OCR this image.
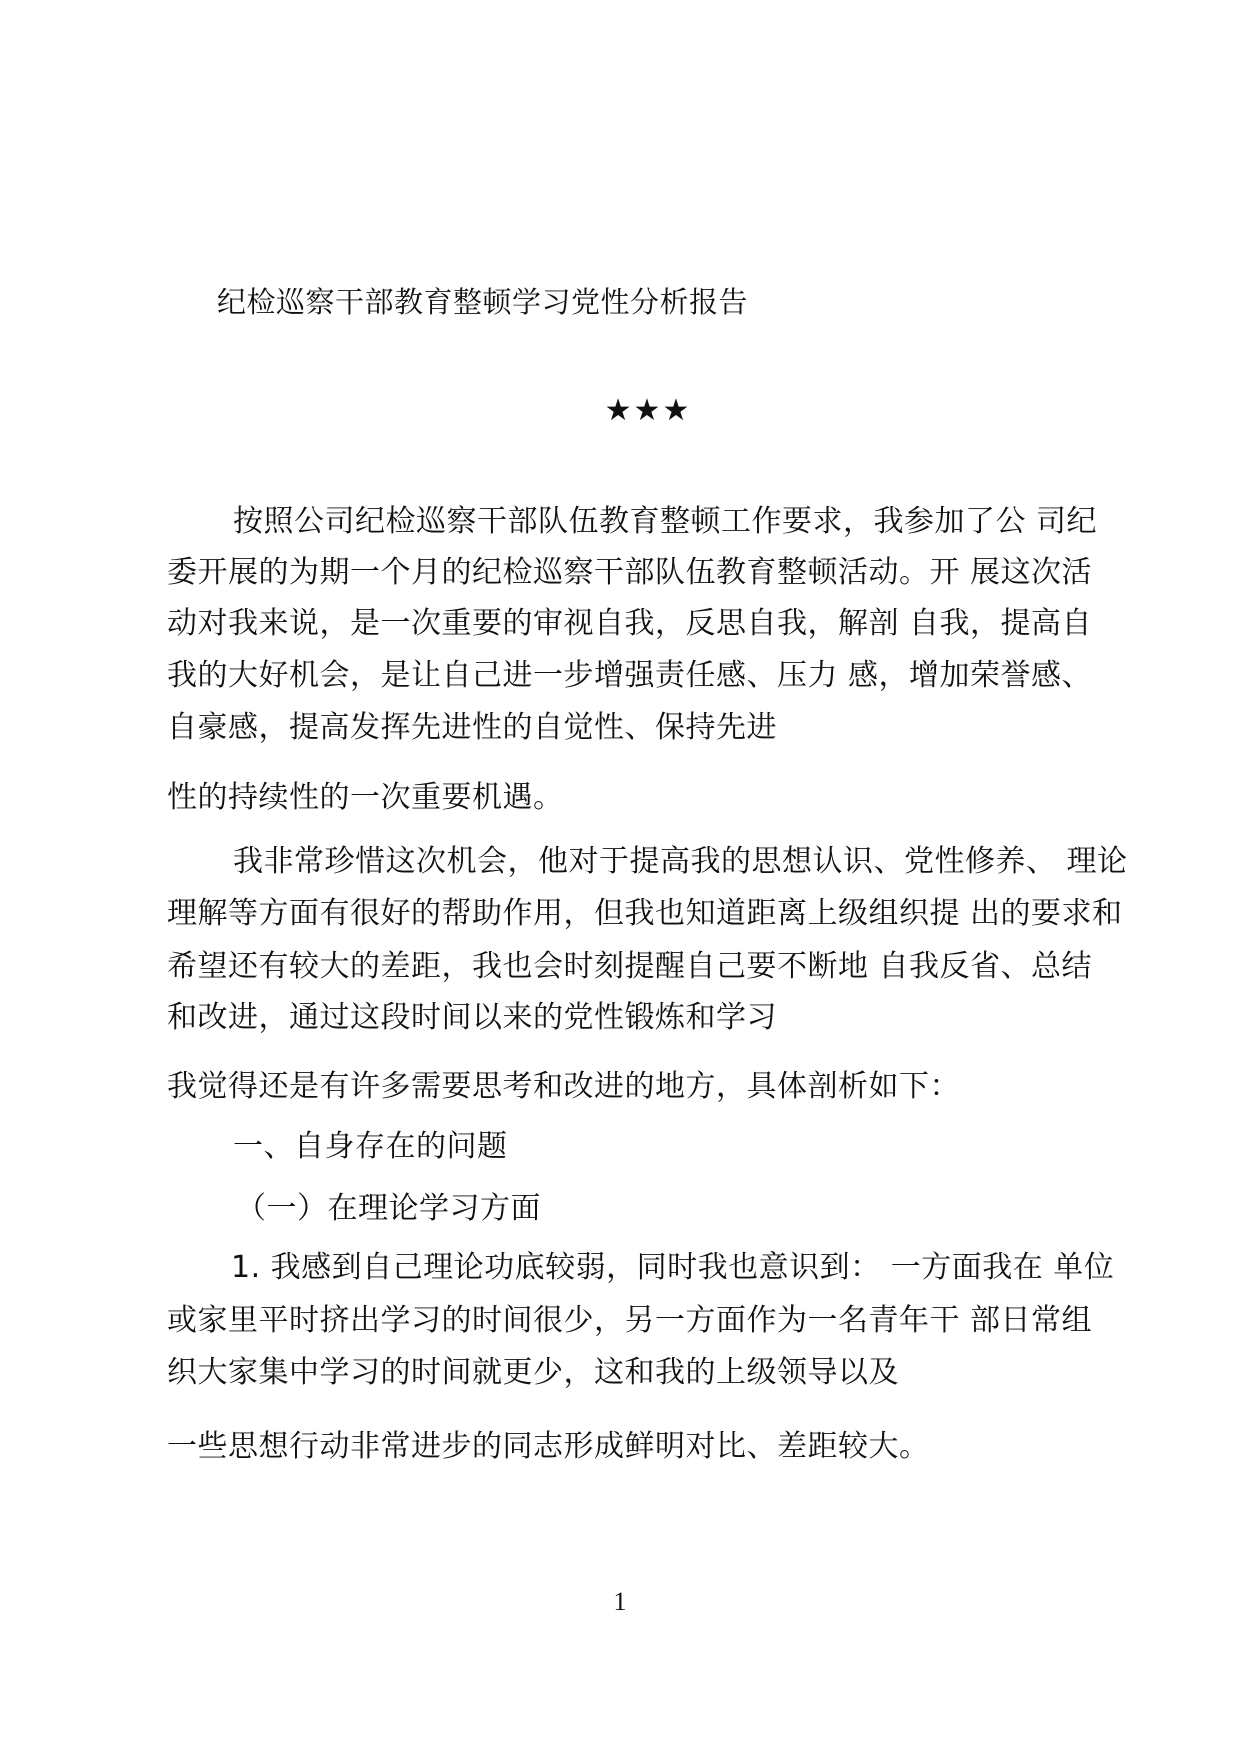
纪检巡察干部教育整顿学习党性分析报告
★★★
按照公司纪检巡察干部队伍教育整顿工作要求，我参加了公 司纪
委开展的为期一个月的纪检巡察干部队伍教育整顿活动。开 展这次活
动对我来说，是一次重要的审视自我，反思自我，解剖 自我，提高自
我的大好机会，是让自己进一步增强责任感、压力 感，增加荣誉感、
自豪感，提高发挥先进性的自觉性、保持先进
性的持续性的一次重要机遇。
我非常珍惜这次机会，他对于提高我的思想认识、党性修养、 理论
理解等方面有很好的帮助作用，但我也知道距离上级组织提 出的要求和
希望还有较大的差距，我也会时刻提醒自己要不断地 自我反省、总结
和改进，通过这段时间以来的党性锻炼和学习
我觉得还是有许多需要思考和改进的地方，具体剖析如下：
一、自身存在的问题
（一）在理论学习方面
1. 我感到自己理论功底较弱，同时我也意识到： 一方面我在 单位
或家里平时挤出学习的时间很少，另一方面作为一名青年干 部日常组
织大家集中学习的时间就更少，这和我的上级领导以及
一些思想行动非常进步的同志形成鲜明对比、差距较大。
1
